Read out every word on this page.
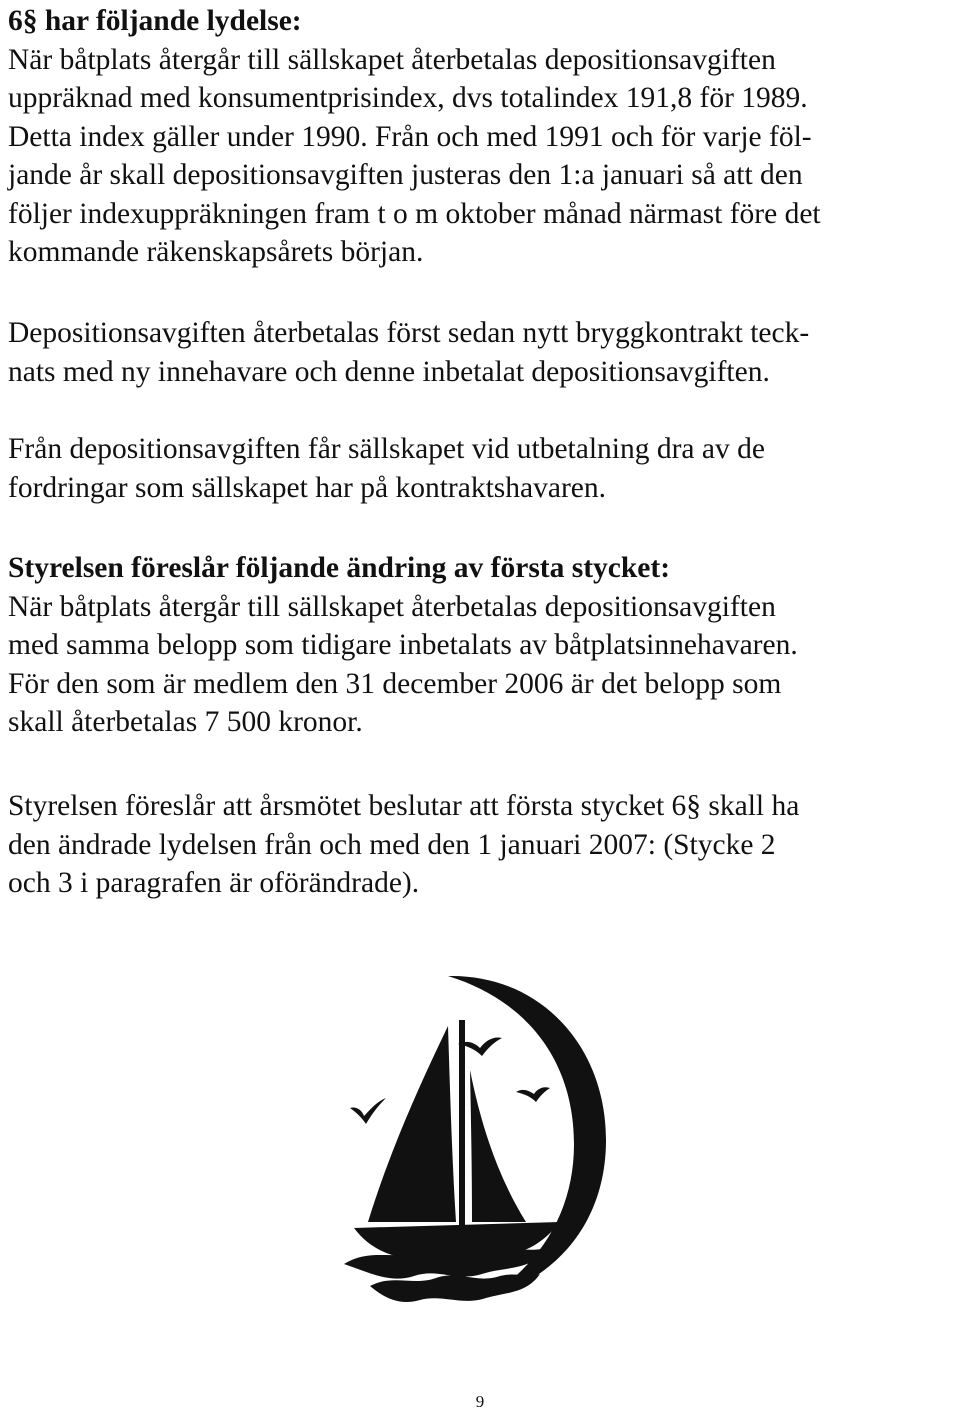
6§ har följande lydelse:
När båtplats återgår till sällskapet återbetalas depositionsavgiften
uppräknad med konsumentprisindex, dvs totalindex 191,8 för 1989.
Detta index gäller under 1990. Från och med 1991 och för varje föl-
jande år skall depositionsavgiften justeras den 1:a januari så att den
följer indexuppräkningen fram t o m oktober månad närmast före det
kommande räkenskapsårets början.

Depositionsavgiften återbetalas först sedan nytt bryggkontrakt teck-
nats med ny innehavare och denne inbetalat depositionsavgiften.

Från depositionsavgiften får sällskapet vid utbetalning dra av de
fordringar som sällskapet har på kontraktshavaren.

Styrelsen föreslår följande ändring av första stycket:
När båtplats återgår till sällskapet återbetalas depositionsavgiften
med samma belopp som tidigare inbetalats av båtplatsinnehavaren.
För den som är medlem den 31 december 2006 är det belopp som
skall återbetalas 7 500 kronor.

Styrelsen föreslår att årsmötet beslutar att första stycket 6§ skall ha
den ändrade lydelsen från och med den 1 januari 2007: (Stycke 2
och 3 i paragrafen är oförändrade).

9
